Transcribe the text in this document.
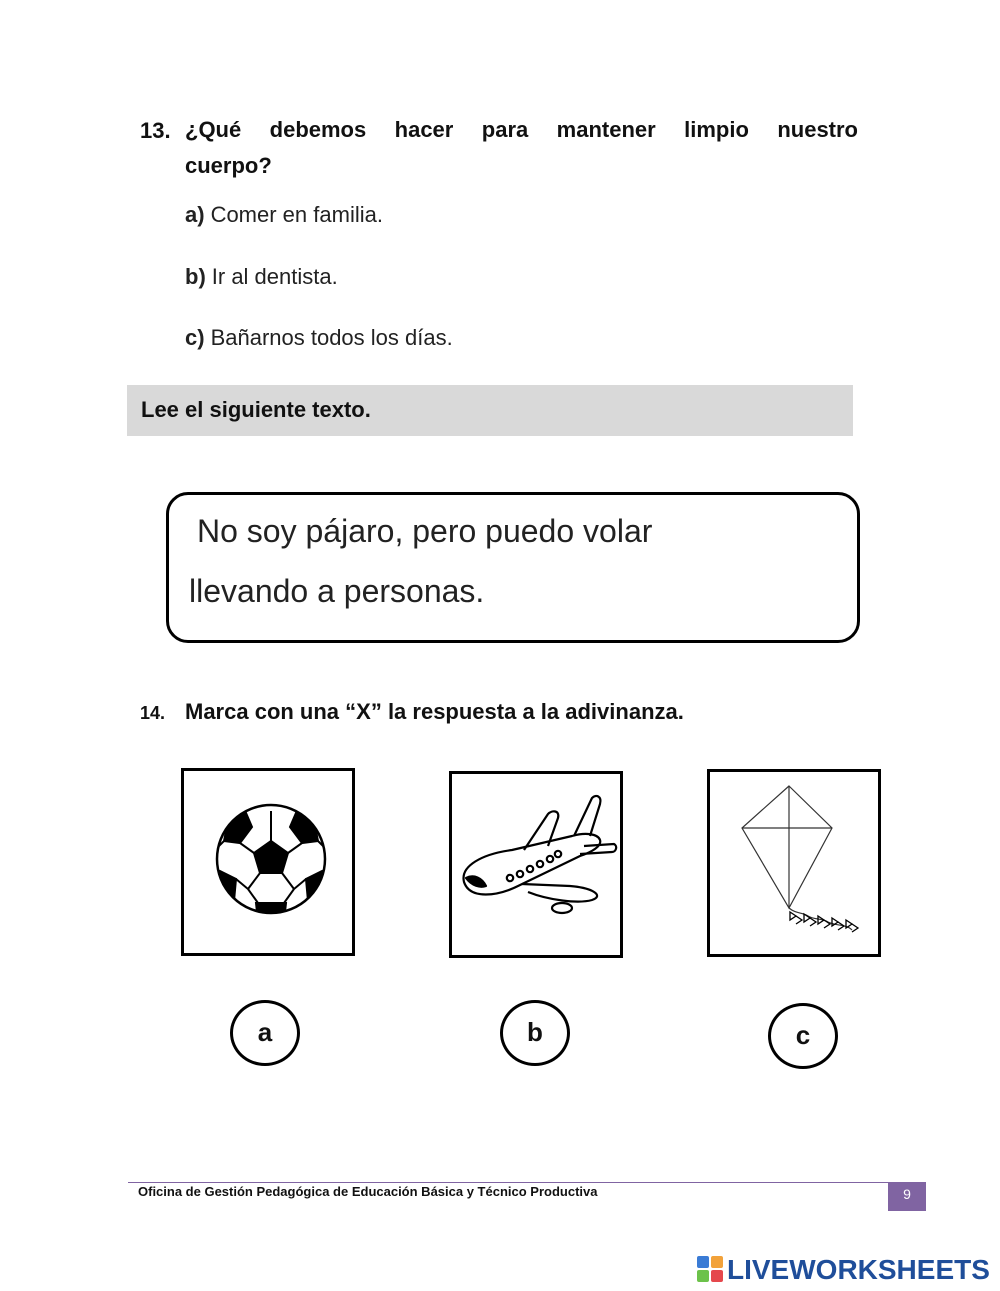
13. ¿Qué debemos hacer para mantener limpio nuestro
cuerpo?
a) Comer en familia.
b) Ir al dentista.
c) Bañarnos todos los días.
Lee el siguiente texto.
No soy pájaro, pero puedo volar
llevando a personas.
14. Marca con una “X” la respuesta a la adivinanza.
a	b	c
Oficina de Gestión Pedagógica de Educación Básica y Técnico Productiva	9
LIVEWORKSHEETS
